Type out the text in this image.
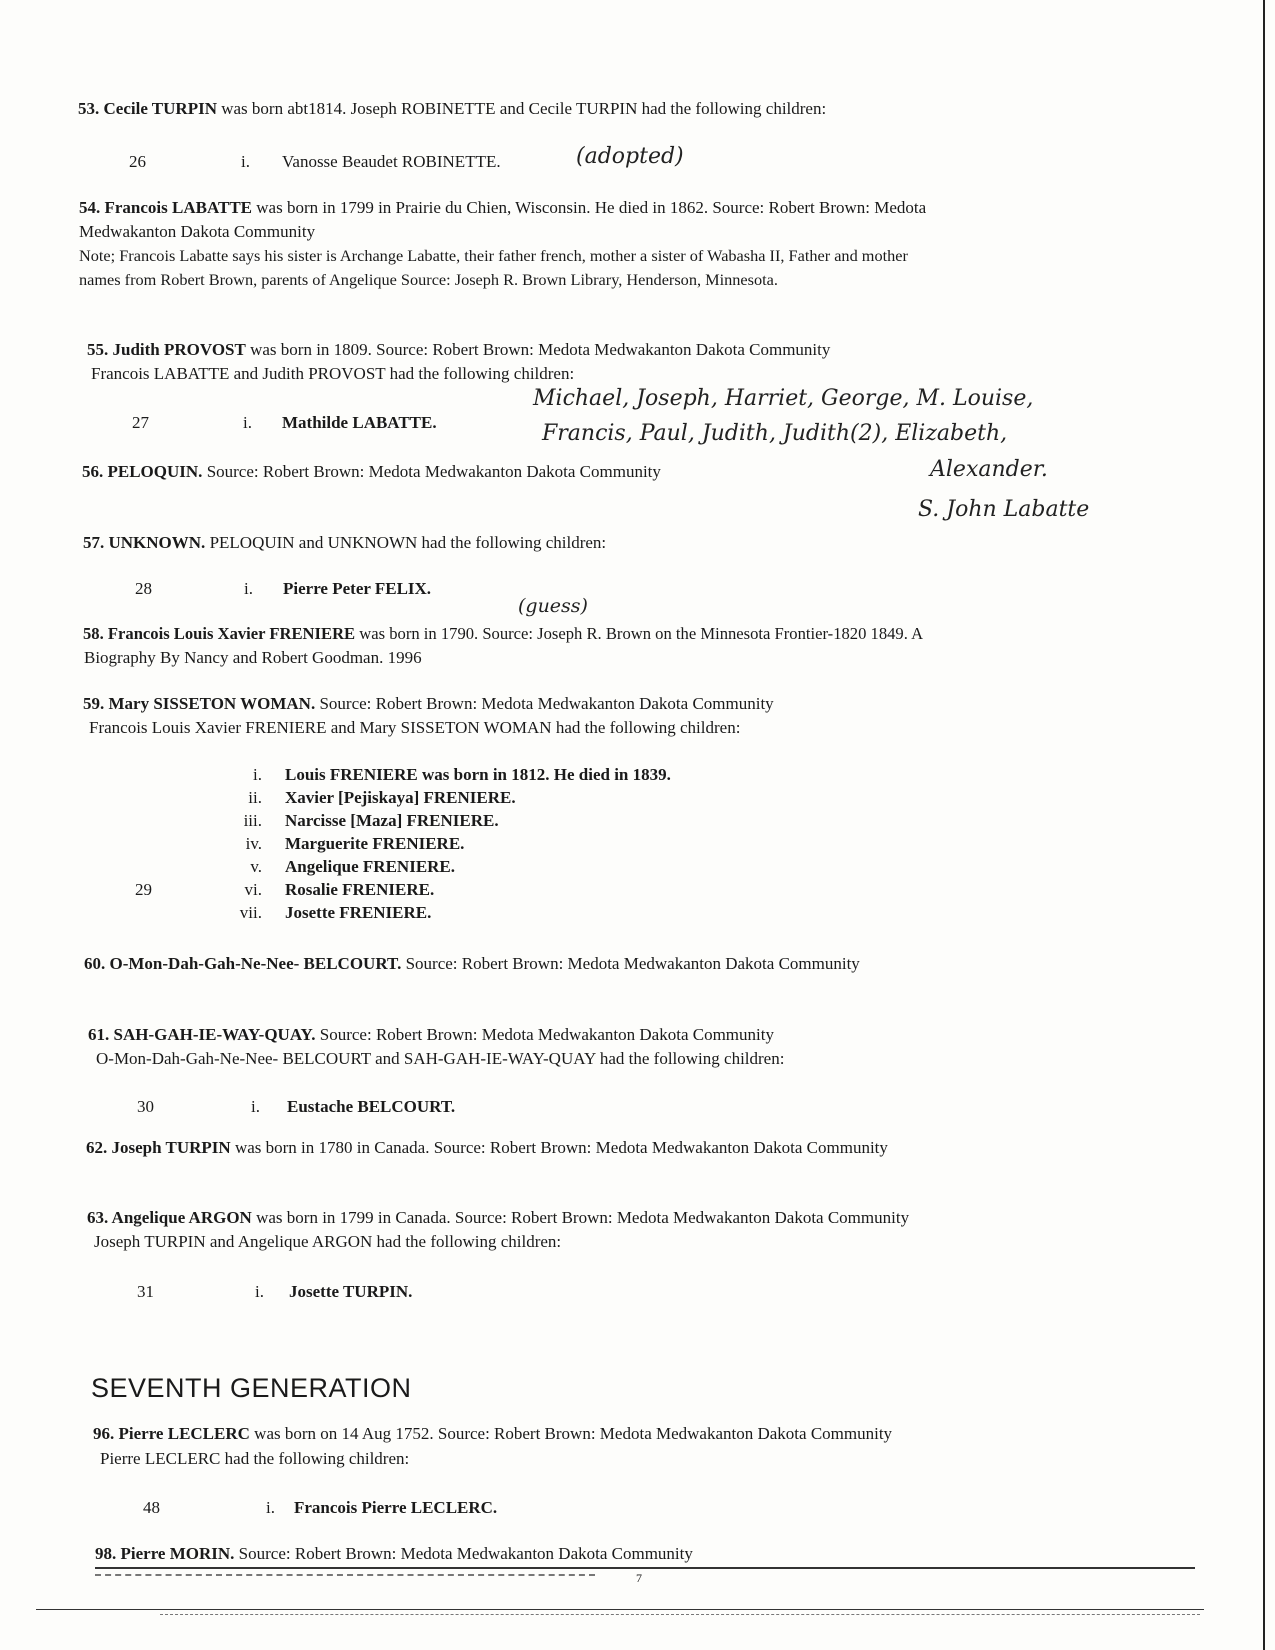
53. Cecile TURPIN was born abt1814. Joseph ROBINETTE and Cecile TURPIN had the following children:
26	i. Vanosse Beaudet ROBINETTE.	(adopted)
54. Francois LABATTE was born in 1799 in Prairie du Chien, Wisconsin. He died in 1862. Source: Robert Brown: Medota
Medwakanton Dakota Community
Note; Francois Labatte says his sister is Archange Labatte, their father french, mother a sister of Wabasha II, Father and mother
names from Robert Brown, parents of Angelique Source: Joseph R. Brown Library, Henderson, Minnesota.
55. Judith PROVOST was born in 1809. Source: Robert Brown: Medota Medwakanton Dakota Community
Francois LABATTE and Judith PROVOST had the following children:
27	i. Mathilde LABATTE.
Michael, Joseph, Harriet, George, M. Louise,
Francis, Paul, Judith, Judith(2), Elizabeth,
Alexander.
S. John Labatte
56. PELOQUIN. Source: Robert Brown: Medota Medwakanton Dakota Community
57. UNKNOWN. PELOQUIN and UNKNOWN had the following children:
28	i. Pierre Peter FELIX.
(guess)
58. Francois Louis Xavier FRENIERE was born in 1790. Source: Joseph R. Brown on the Minnesota Frontier-1820 1849. A
Biography By Nancy and Robert Goodman. 1996
59. Mary SISSETON WOMAN. Source: Robert Brown: Medota Medwakanton Dakota Community
Francois Louis Xavier FRENIERE and Mary SISSETON WOMAN had the following children:
i. Louis FRENIERE was born in 1812. He died in 1839.
ii. Xavier [Pejiskaya] FRENIERE.
iii. Narcisse [Maza] FRENIERE.
iv. Marguerite FRENIERE.
v. Angelique FRENIERE.
29	vi. Rosalie FRENIERE.
vii. Josette FRENIERE.
60. O-Mon-Dah-Gah-Ne-Nee- BELCOURT. Source: Robert Brown: Medota Medwakanton Dakota Community
61. SAH-GAH-IE-WAY-QUAY. Source: Robert Brown: Medota Medwakanton Dakota Community
O-Mon-Dah-Gah-Ne-Nee- BELCOURT and SAH-GAH-IE-WAY-QUAY had the following children:
30	i. Eustache BELCOURT.
62. Joseph TURPIN was born in 1780 in Canada. Source: Robert Brown: Medota Medwakanton Dakota Community
63. Angelique ARGON was born in 1799 in Canada. Source: Robert Brown: Medota Medwakanton Dakota Community
Joseph TURPIN and Angelique ARGON had the following children:
31	i. Josette TURPIN.
SEVENTH GENERATION
96. Pierre LECLERC was born on 14 Aug 1752. Source: Robert Brown: Medota Medwakanton Dakota Community
Pierre LECLERC had the following children:
48	i. Francois Pierre LECLERC.
98. Pierre MORIN. Source: Robert Brown: Medota Medwakanton Dakota Community
7
